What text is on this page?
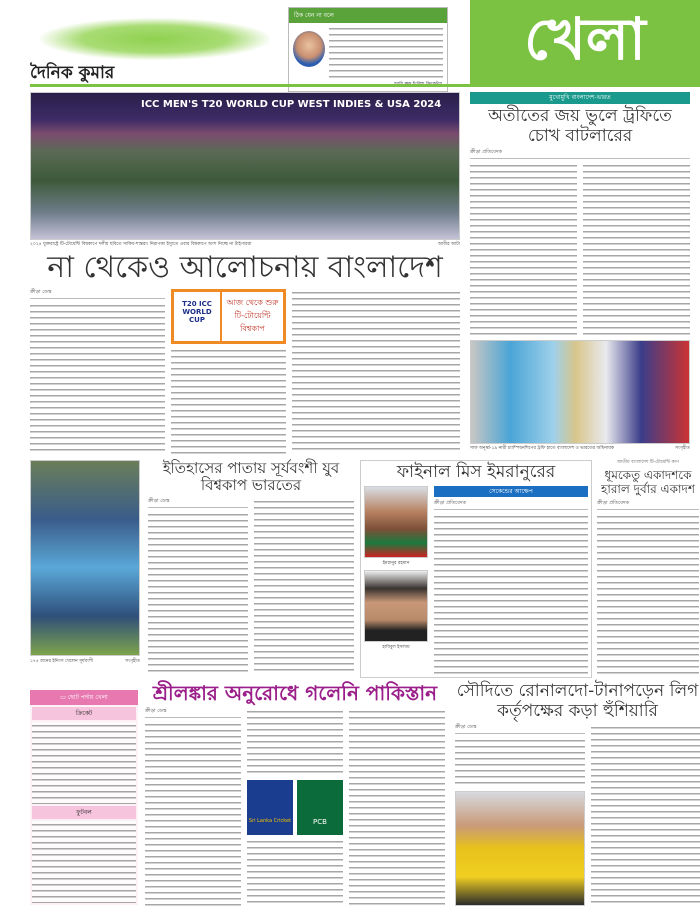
দৈনিক কুমার
ঠিক যেন না বলে	খেলা
ICC MEN'S T20 WORLD CUP WEST INDIES & USA 2024
২০২৪ যুক্তরাষ্ট্রে টি-টোয়েন্টি বিশ্বকাপে দলীয় ছবিতে সাকিব-শান্তরা। নিরাপত্তা ইস্যুতে এবার বিশ্বকাপে অংশ নিচ্ছে না টাইগাররা	আবীর আটা
না থেকেও আলোচনায় বাংলাদেশ
ক্রীড়া ডেস্ক
T20 ICC WORLD CUP
আজ থেকে শুরু টি-টোয়েন্টি বিশ্বকাপ
মুখোমুখি বাংলাদেশ-ভারত
অতীতের জয় ভুলে ট্রফিতে চোখ বাটলারের
ক্রীড়া প্রতিবেদক
সাফ অনূর্ধ্ব-১৯ নারী চ্যাম্পিয়নশিপের ট্রফি হাতে বাংলাদেশ ও ভারতের অধিনায়ক	সংগৃহীত
১৭৫ রানের ইনিংস খেলেন সূর্যবংশী	সংগৃহীত
ইতিহাসের পাতায় সূর্যবংশী যুব বিশ্বকাপ ভারতের
ক্রীড়া ডেস্ক
ফাইনাল মিস ইমরানুরের
ইমরানুর রহমান
হাবিবুল ইসলাম
সেকেন্ডের আক্ষেপ
ক্রীড়া প্রতিবেদক
জাতীয় বাংলাদেশ টি-টোয়েন্টি কাপ
ধূমকেতু একাদশকে হারাল দুর্বার একাদশ
ক্রীড়া প্রতিবেদক
▭ ছোট পর্দায় খেলা
ক্রিকেট
ফুটবল
শ্রীলঙ্কার অনুরোধে গলেনি পাকিস্তান
ক্রীড়া ডেস্ক
Sri Lanka Cricket	PCB
সৌদিতে রোনালদো-টানাপড়েন লিগ কর্তৃপক্ষের কড়া হুঁশিয়ারি
ক্রীড়া ডেস্ক
